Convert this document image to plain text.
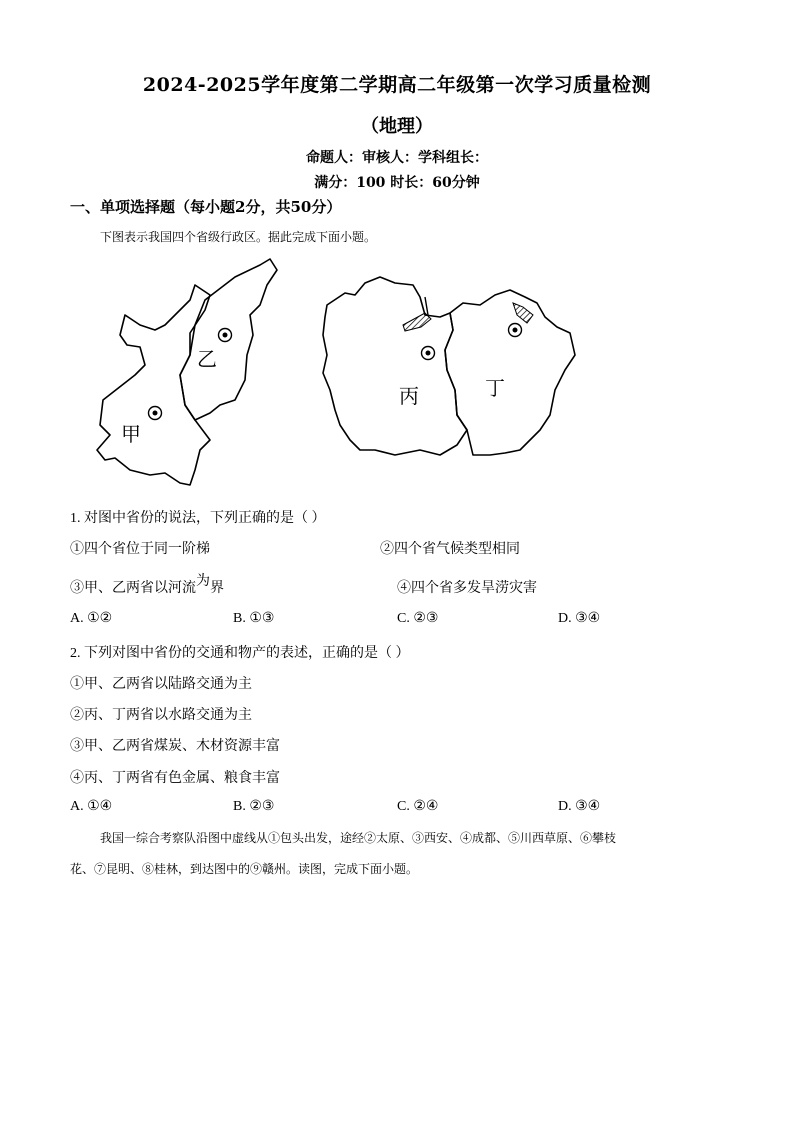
2024-2025学年度第二学期高二年级第一次学习质量检测
（地理）
命题人：审核人：学科组长：
满分：100 时长：60分钟
一、单项选择题（每小题2分，共50分）
下图表示我国四个省级行政区。据此完成下面小题。
甲
乙
丙	丁
1. 对图中省份的说法，下列正确的是（ ）
①四个省位于同一阶梯	②四个省气候类型相同
③甲、乙两省以河流为界	④四个省多发旱涝灾害
A. ①②	B. ①③	C. ②③	D. ③④
2. 下列对图中省份的交通和物产的表述，正确的是（ ）
①甲、乙两省以陆路交通为主
②丙、丁两省以水路交通为主
③甲、乙两省煤炭、木材资源丰富
④丙、丁两省有色金属、粮食丰富
A. ①④	B. ②③	C. ②④	D. ③④
我国一综合考察队沿图中虚线从①包头出发，途经②太原、③西安、④成都、⑤川西草原、⑥攀枝
花、⑦昆明、⑧桂林，到达图中的⑨赣州。读图，完成下面小题。
